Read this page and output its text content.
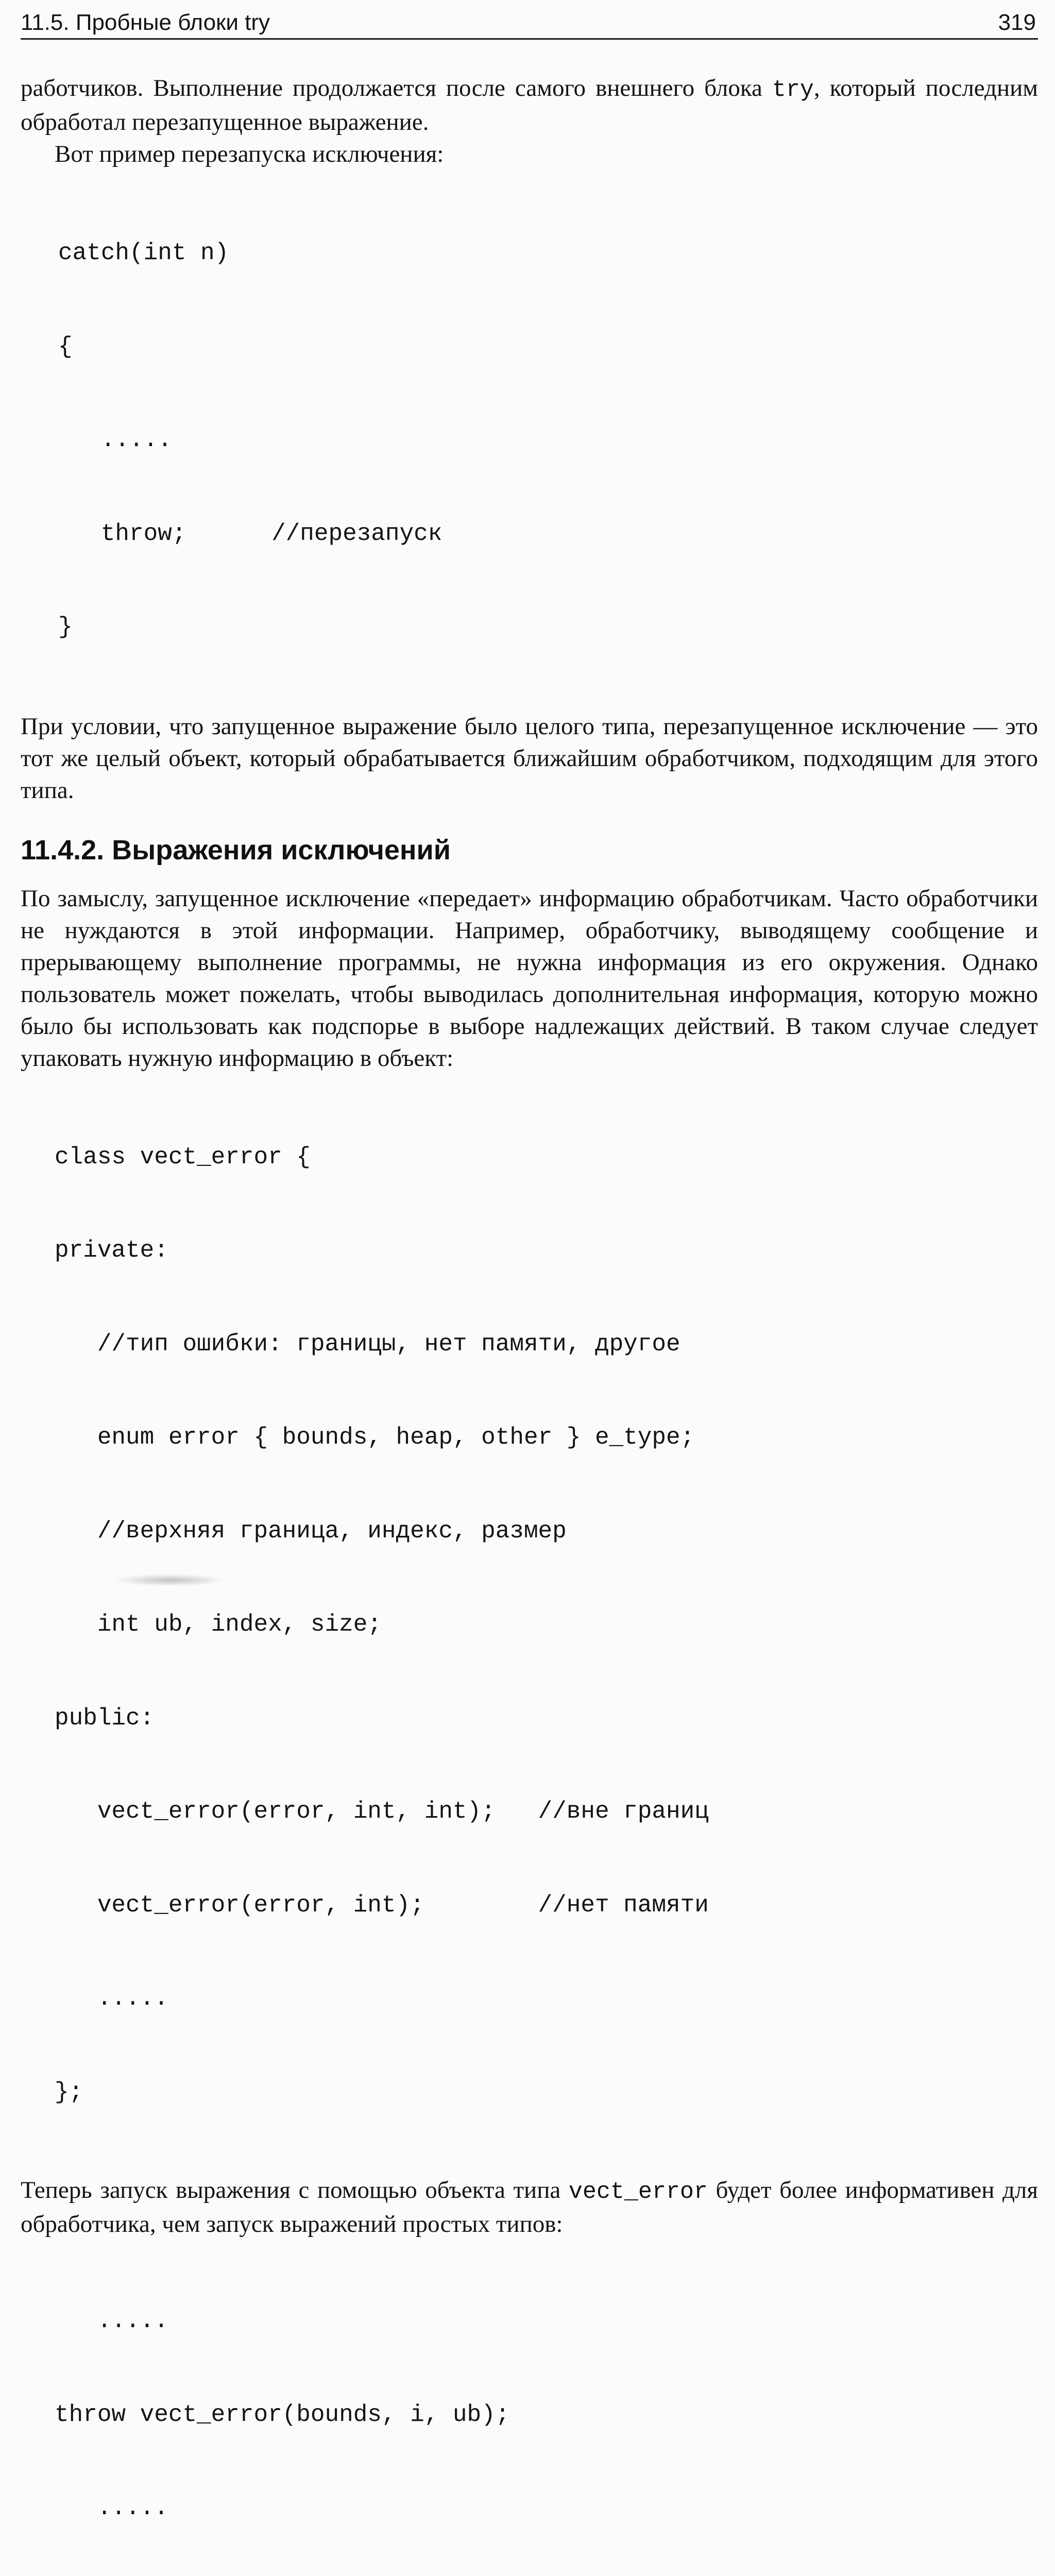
11.5. Пробные блоки try	319

работчиков. Выполнение продолжается после самого внешнего блока try, который последним обработал перезапущенное выражение.

Вот пример перезапуска исключения:

catch(int n)

{

.....

throw;      //перезапуск

}

При условии, что запущенное выражение было целого типа, перезапущенное исключение — это тот же целый объект, который обрабатывается ближайшим обработчиком, подходящим для этого типа.

11.4.2. Выражения исключений

По замыслу, запущенное исключение «передает» информацию обработчикам. Часто обработчики не нуждаются в этой информации. Например, обработчику, выводящему сообщение и прерывающему выполнение программы, не нужна информация из его окружения. Однако пользователь может пожелать, чтобы выводилась дополнительная информация, которую можно было бы использовать как подспорье в выборе надлежащих действий. В таком случае следует упаковать нужную информацию в объект:

class vect_error {

private:

//тип ошибки: границы, нет памяти, другое

enum error { bounds, heap, other } e_type;

//верхняя граница, индекс, размер

int ub, index, size;

public:

vect_error(error, int, int);   //вне границ

vect_error(error, int);        //нет памяти

.....

};

Теперь запуск выражения с помощью объекта типа vect_error будет более информативен для обработчика, чем запуск выражений простых типов:

.....

throw vect_error(bounds, i, ub);

.....
